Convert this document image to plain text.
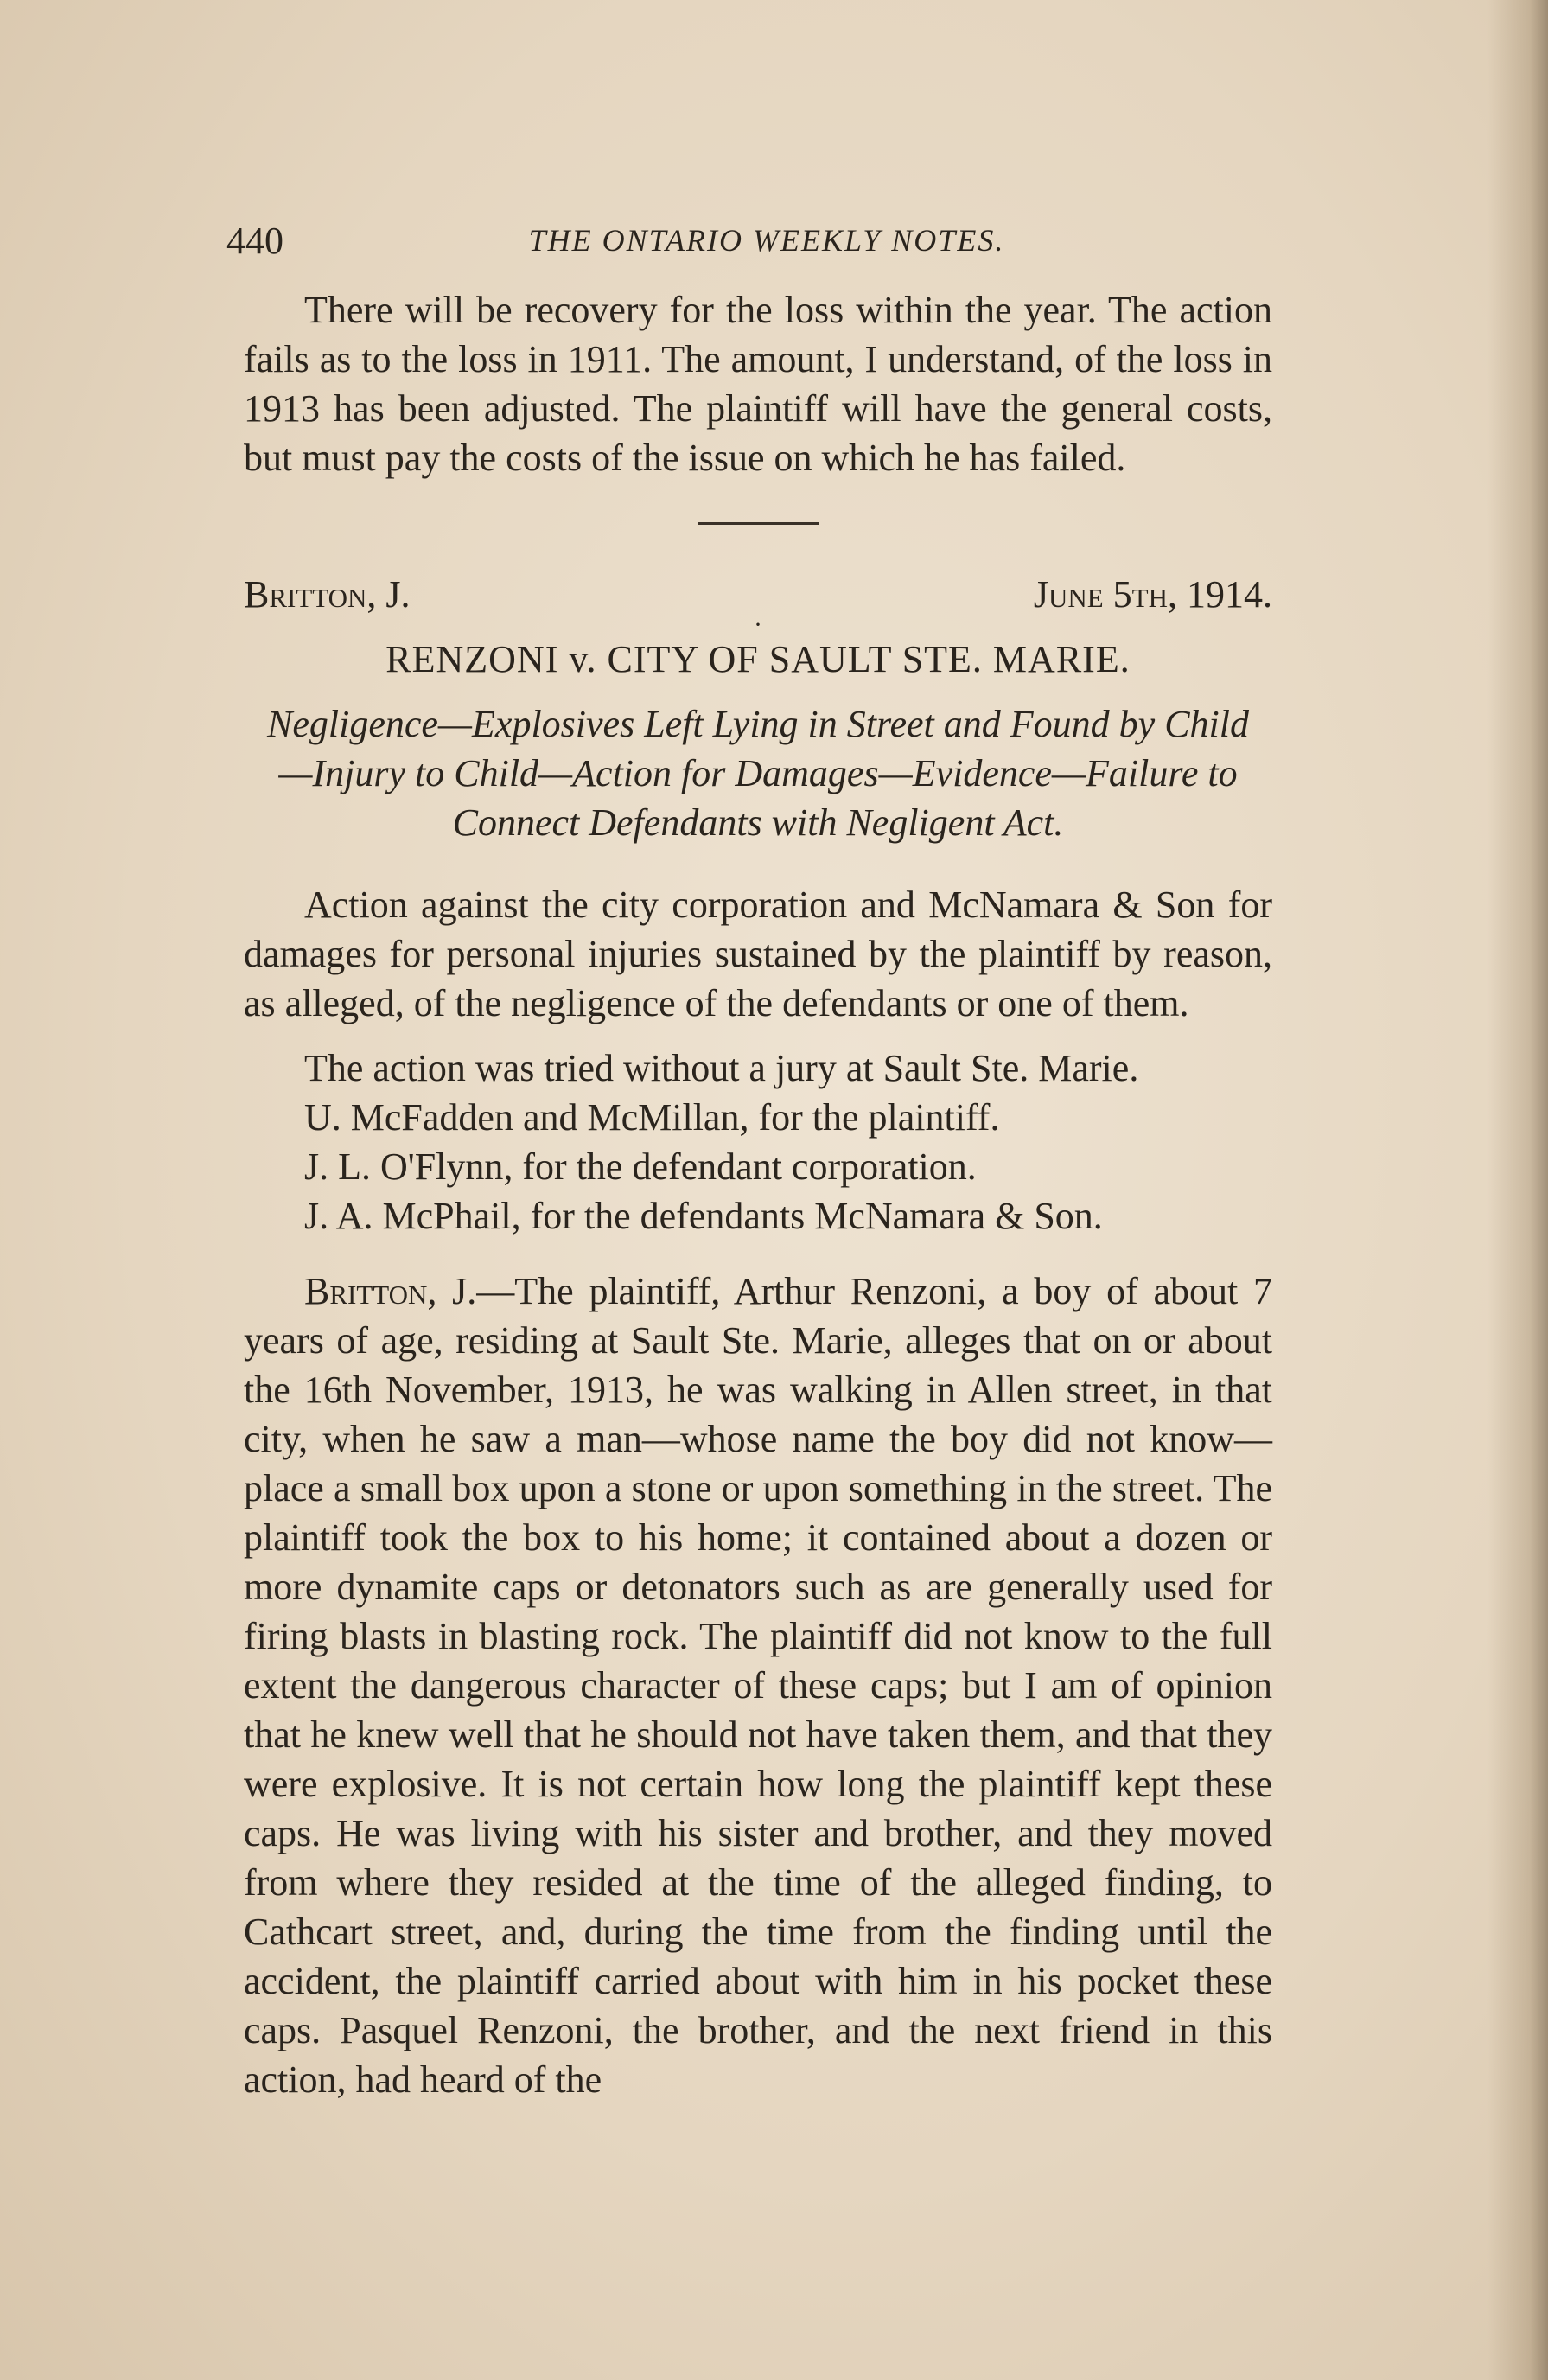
440	THE ONTARIO WEEKLY NOTES.

There will be recovery for the loss within the year. The action fails as to the loss in 1911. The amount, I understand, of the loss in 1913 has been adjusted. The plaintiff will have the general costs, but must pay the costs of the issue on which he has failed.

Britton, J.	June 5th, 1914.
·
RENZONI v. CITY OF SAULT STE. MARIE.

Negligence—Explosives Left Lying in Street and Found by Child—Injury to Child—Action for Damages—Evidence—Failure to Connect Defendants with Negligent Act.

Action against the city corporation and McNamara & Son for damages for personal injuries sustained by the plaintiff by reason, as alleged, of the negligence of the defendants or one of them.

The action was tried without a jury at Sault Ste. Marie.

U. McFadden and McMillan, for the plaintiff.

J. L. O'Flynn, for the defendant corporation.

J. A. McPhail, for the defendants McNamara & Son.

Britton, J.—The plaintiff, Arthur Renzoni, a boy of about 7 years of age, residing at Sault Ste. Marie, alleges that on or about the 16th November, 1913, he was walking in Allen street, in that city, when he saw a man—whose name the boy did not know—place a small box upon a stone or upon something in the street. The plaintiff took the box to his home; it contained about a dozen or more dynamite caps or detonators such as are generally used for firing blasts in blasting rock. The plaintiff did not know to the full extent the dangerous character of these caps; but I am of opinion that he knew well that he should not have taken them, and that they were explosive. It is not certain how long the plaintiff kept these caps. He was living with his sister and brother, and they moved from where they resided at the time of the alleged finding, to Cathcart street, and, during the time from the finding until the accident, the plaintiff carried about with him in his pocket these caps. Pasquel Renzoni, the brother, and the next friend in this action, had heard of the
